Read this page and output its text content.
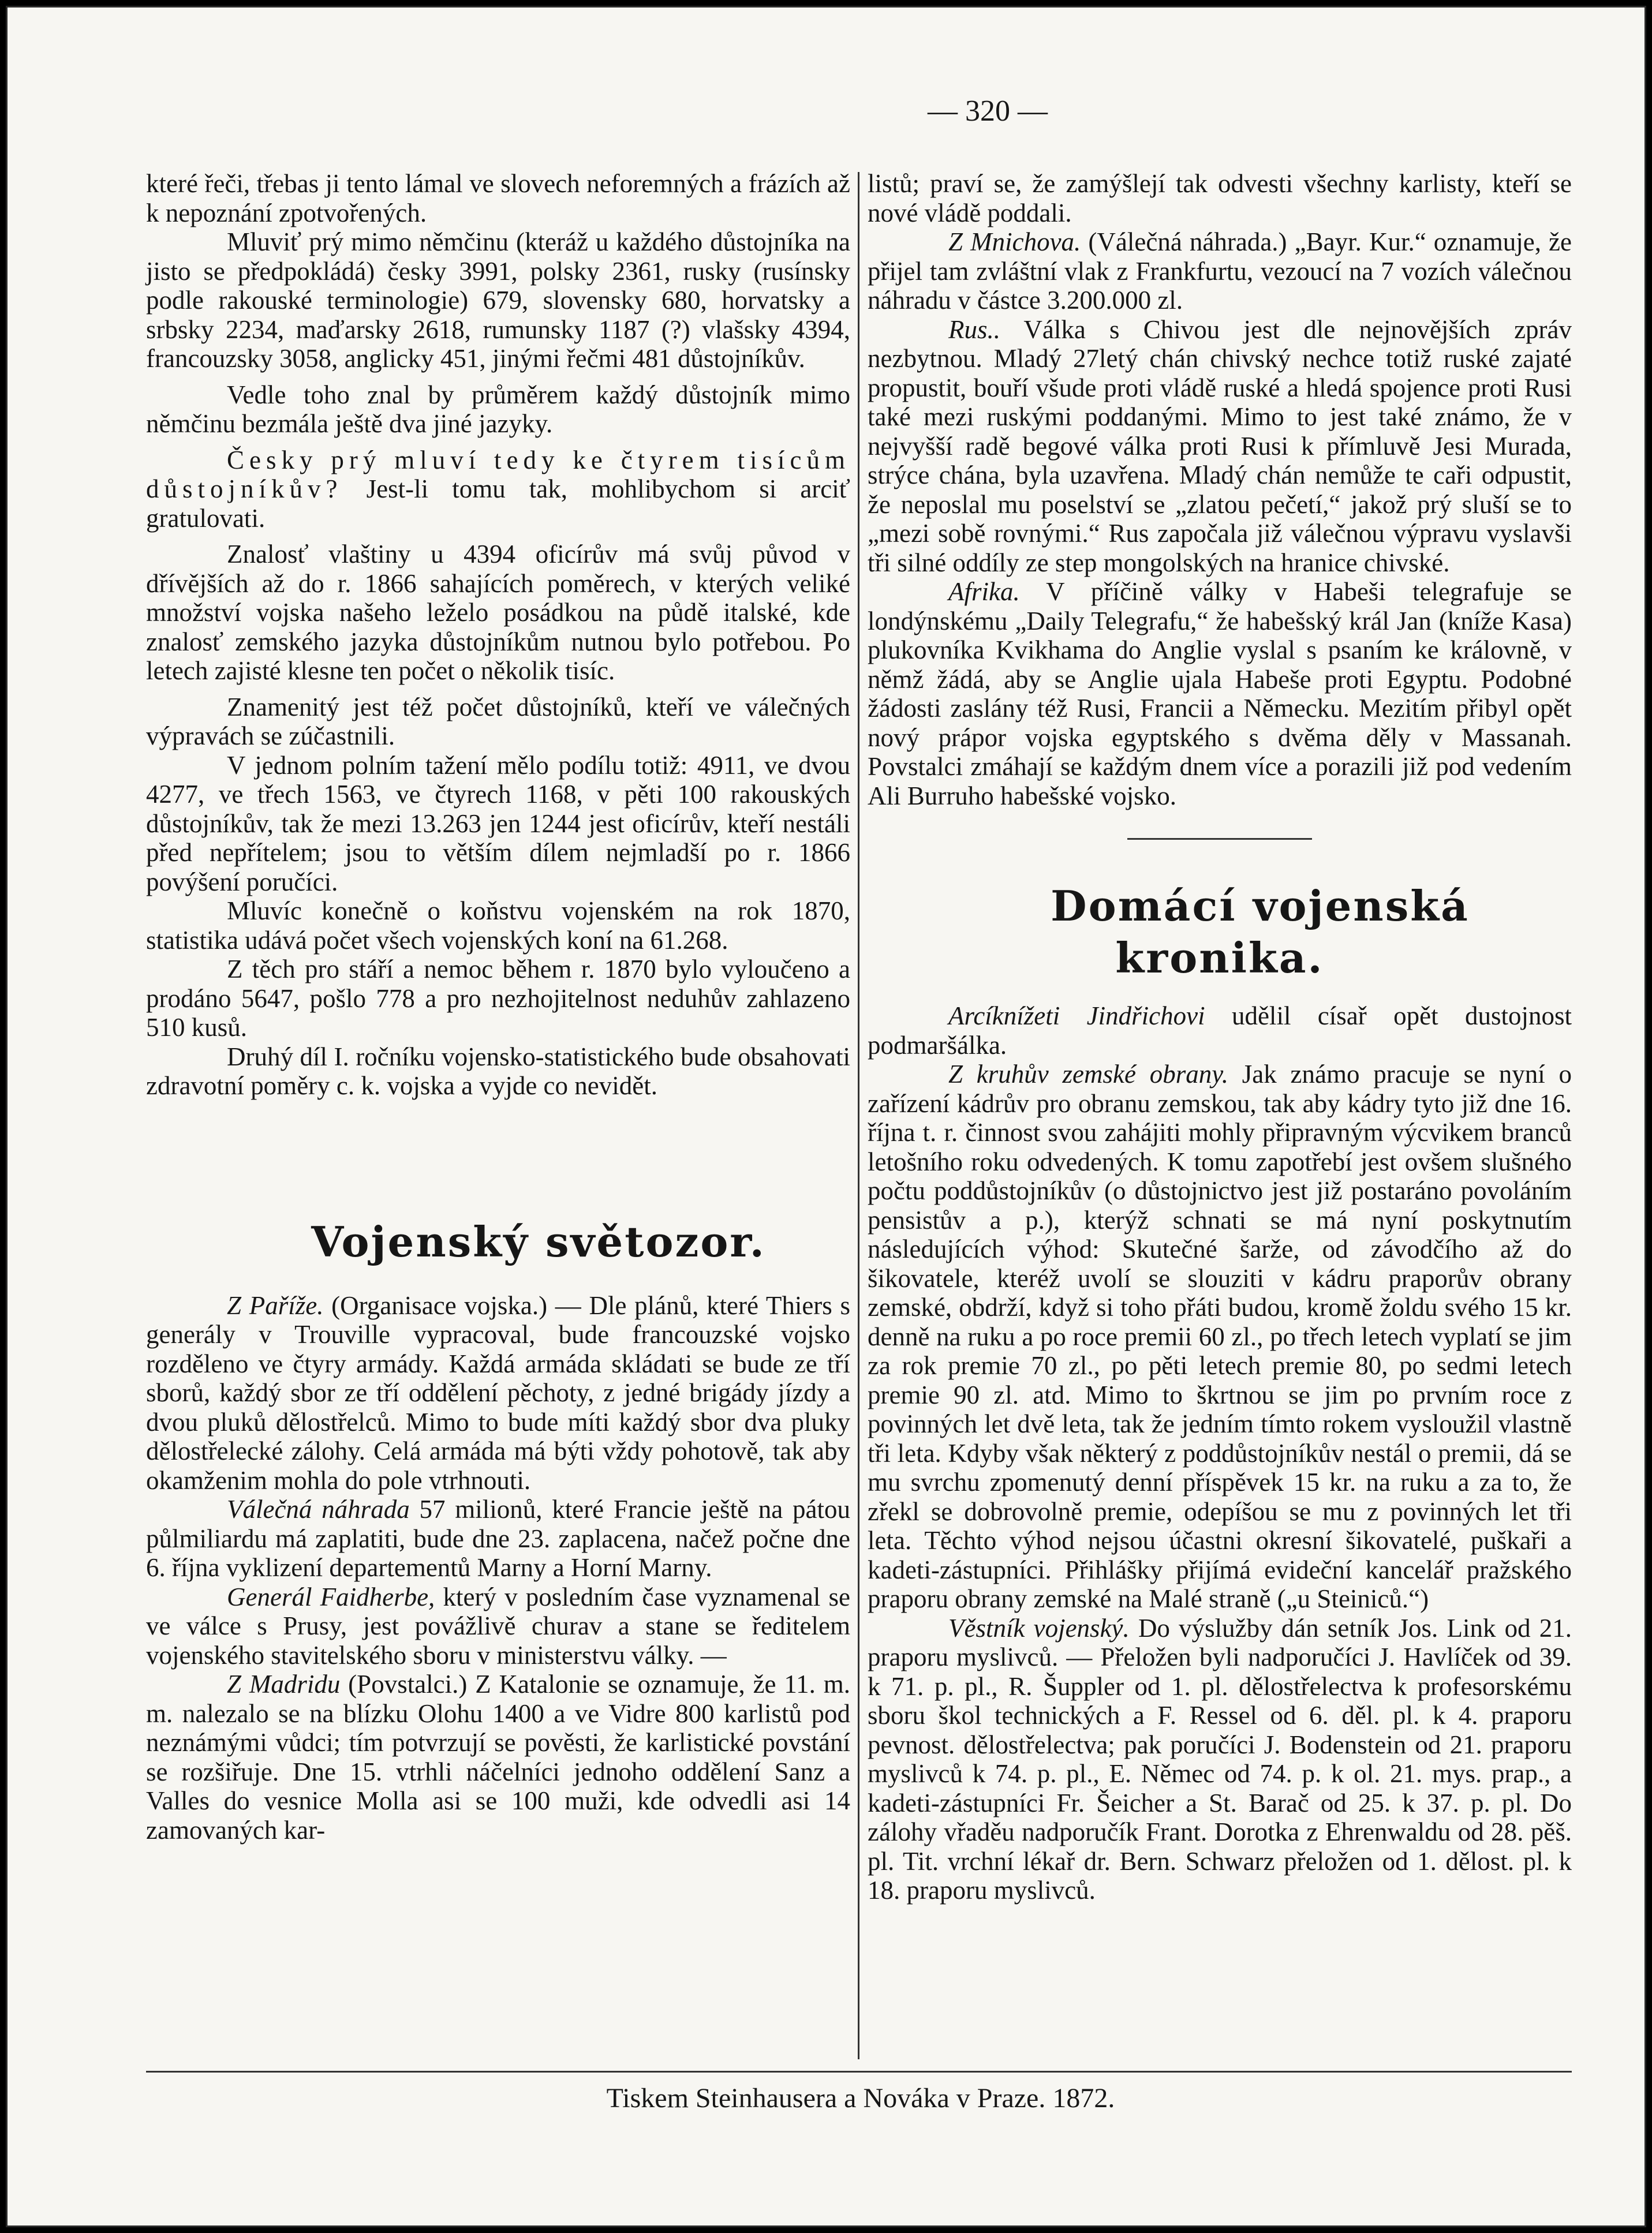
— 320 —

které řeči, třebas ji tento lámal ve slovech neforemných a frázích až k nepoznání zpotvořených.

Mluviť prý mimo němčinu (kteráž u každého důstojníka na jisto se předpokládá) česky 3991, polsky 2361, rusky (rusínsky podle rakouské terminologie) 679, slovensky 680, horvatsky a srbsky 2234, maďarsky 2618, rumunsky 1187 (?) vlašsky 4394, francouzsky 3058, anglicky 451, jinými řečmi 481 důstojníkův.

Vedle toho znal by průměrem každý důstojník mimo němčinu bezmála ještě dva jiné jazyky.

Česky prý mluví tedy ke čtyrem tisícům důstojníkův? Jest-li tomu tak, mohlibychom si arciť gratulovati.

Znalosť vlaštiny u 4394 oficírův má svůj původ v dřívějších až do r. 1866 sahajících poměrech, v kterých veliké množství vojska našeho leželo posádkou na půdě italské, kde znalosť zemského jazyka důstojníkům nutnou bylo potřebou. Po letech zajisté klesne ten počet o několik tisíc.

Znamenitý jest též počet důstojníků, kteří ve válečných výpravách se zúčastnili.

V jednom polním tažení mělo podílu totiž: 4911, ve dvou 4277, ve třech 1563, ve čtyrech 1168, v pěti 100 rakouských důstojníkův, tak že mezi 13.263 jen 1244 jest oficírův, kteří nestáli před nepřítelem; jsou to větším dílem nejmladší po r. 1866 povýšení poručíci.

Mluvíc konečně o koňstvu vojenském na rok 1870, statistika udává počet všech vojenských koní na 61.268.

Z těch pro stáří a nemoc během r. 1870 bylo vyloučeno a prodáno 5647, pošlo 778 a pro nezhojitelnost neduhův zahlazeno 510 kusů.

Druhý díl I. ročníku vojensko-statistického bude obsahovati zdravotní poměry c. k. vojska a vyjde co nevidět.

Vojenský světozor.

Z Paříže. (Organisace vojska.) — Dle plánů, které Thiers s generály v Trouville vypracoval, bude francouzské vojsko rozděleno ve čtyry armády. Každá armáda skládati se bude ze tří sborů, každý sbor ze tří oddělení pěchoty, z jedné brigády jízdy a dvou pluků dělostřelců. Mimo to bude míti každý sbor dva pluky dělostřelecké zálohy. Celá armáda má býti vždy pohotově, tak aby okamženim mohla do pole vtrhnouti.

Válečná náhrada 57 milionů, které Francie ještě na pátou půlmiliardu má zaplatiti, bude dne 23. zaplacena, načež počne dne 6. října vyklizení departementů Marny a Horní Marny.

Generál Faidherbe, který v posledním čase vyznamenal se ve válce s Prusy, jest povážlivě churav a stane se ředitelem vojenského stavitelského sboru v ministerstvu války. —

Z Madridu (Povstalci.) Z Katalonie se oznamuje, že 11. m. m. nalezalo se na blízku Olohu 1400 a ve Vidre 800 karlistů pod neznámými vůdci; tím potvrzují se pověsti, že karlistické povstání se rozšiřuje. Dne 15. vtrhli náčelníci jednoho oddělení Sanz a Valles do vesnice Molla asi se 100 muži, kde odvedli asi 14 zamovaných kar-

listů; praví se, že zamýšlejí tak odvesti všechny karlisty, kteří se nové vládě poddali.

Z Mnichova. (Válečná náhrada.) „Bayr. Kur.“ oznamuje, že přijel tam zvláštní vlak z Frankfurtu, vezoucí na 7 vozích válečnou náhradu v částce 3.200.000 zl.

Rus.. Válka s Chivou jest dle nejnovějších zpráv nezbytnou. Mladý 27letý chán chivský nechce totiž ruské zajaté propustit, bouří všude proti vládě ruské a hledá spojence proti Rusi také mezi ruskými poddanými. Mimo to jest také známo, že v nejvyšší radě begové válka proti Rusi k přímluvě Jesi Murada, strýce chána, byla uzavřena. Mladý chán nemůže te caři odpustit, že neposlal mu poselství se „zlatou pečetí,“ jakož prý sluší se to „mezi sobě rovnými.“ Rus započala již válečnou výpravu vyslavši tři silné oddíly ze step mongolských na hranice chivské.

Afrika. V příčině války v Habeši telegrafuje se londýnskému „Daily Telegrafu,“ že habešský král Jan (kníže Kasa) plukovníka Kvikhama do Anglie vyslal s psaním ke královně, v němž žádá, aby se Anglie ujala Habeše proti Egyptu. Podobné žádosti zaslány též Rusi, Francii a Německu. Mezitím přibyl opět nový prápor vojska egyptského s dvěma děly v Massanah. Povstalci zmáhají se každým dnem více a porazili již pod vedením Ali Burruho habešské vojsko.

Domácí vojenská kronika.

Arcíknížeti Jindřichovi udělil císař opět dustojnost podmaršálka.

Z kruhův zemské obrany. Jak známo pracuje se nyní o zařízení kádrův pro obranu zemskou, tak aby kádry tyto již dne 16. října t. r. činnost svou zahájiti mohly připravným výcvikem branců letošního roku odvedených. K tomu zapotřebí jest ovšem slušného počtu poddůstojníkův (o důstojnictvo jest již postaráno povoláním pensistův a p.), kterýž schnati se má nyní poskytnutím následujících výhod: Skutečné šarže, od závodčího až do šikovatele, kteréž uvolí se slouziti v kádru praporův obrany zemské, obdrží, když si toho přáti budou, kromě žoldu svého 15 kr. denně na ruku a po roce premii 60 zl., po třech letech vyplatí se jim za rok premie 70 zl., po pěti letech premie 80, po sedmi letech premie 90 zl. atd. Mimo to škrtnou se jim po prvním roce z povinných let dvě leta, tak že jedním tímto rokem vysloužil vlastně tři leta. Kdyby však některý z poddůstojníkův nestál o premii, dá se mu svrchu zpomenutý denní příspěvek 15 kr. na ruku a za to, že zřekl se dobrovolně premie, odepíšou se mu z povinných let tři leta. Těchto výhod nejsou účastni okresní šikovatelé, puškaři a kadeti-zástupníci. Přihlášky přijímá evideční kancelář pražského praporu obrany zemské na Malé straně („u Steiniců.“)

Věstník vojenský. Do výslužby dán setník Jos. Link od 21. praporu myslivců. — Přeložen byli nadporučíci J. Havlíček od 39. k 71. p. pl., R. Šuppler od 1. pl. dělostřelectva k profesorskému sboru škol technických a F. Ressel od 6. děl. pl. k 4. praporu pevnost. dělostřelectva; pak poručíci J. Bodenstein od 21. praporu myslivců k 74. p. pl., E. Němec od 74. p. k ol. 21. mys. prap., a kadeti-zástupníci Fr. Šeicher a St. Barač od 25. k 37. p. pl. Do zálohy vřaděu nadporučík Frant. Dorotka z Ehrenwaldu od 28. pěš. pl. Tit. vrchní lékař dr. Bern. Schwarz přeložen od 1. dělost. pl. k 18. praporu myslivců.

Tiskem Steinhausera a Nováka v Praze. 1872.
